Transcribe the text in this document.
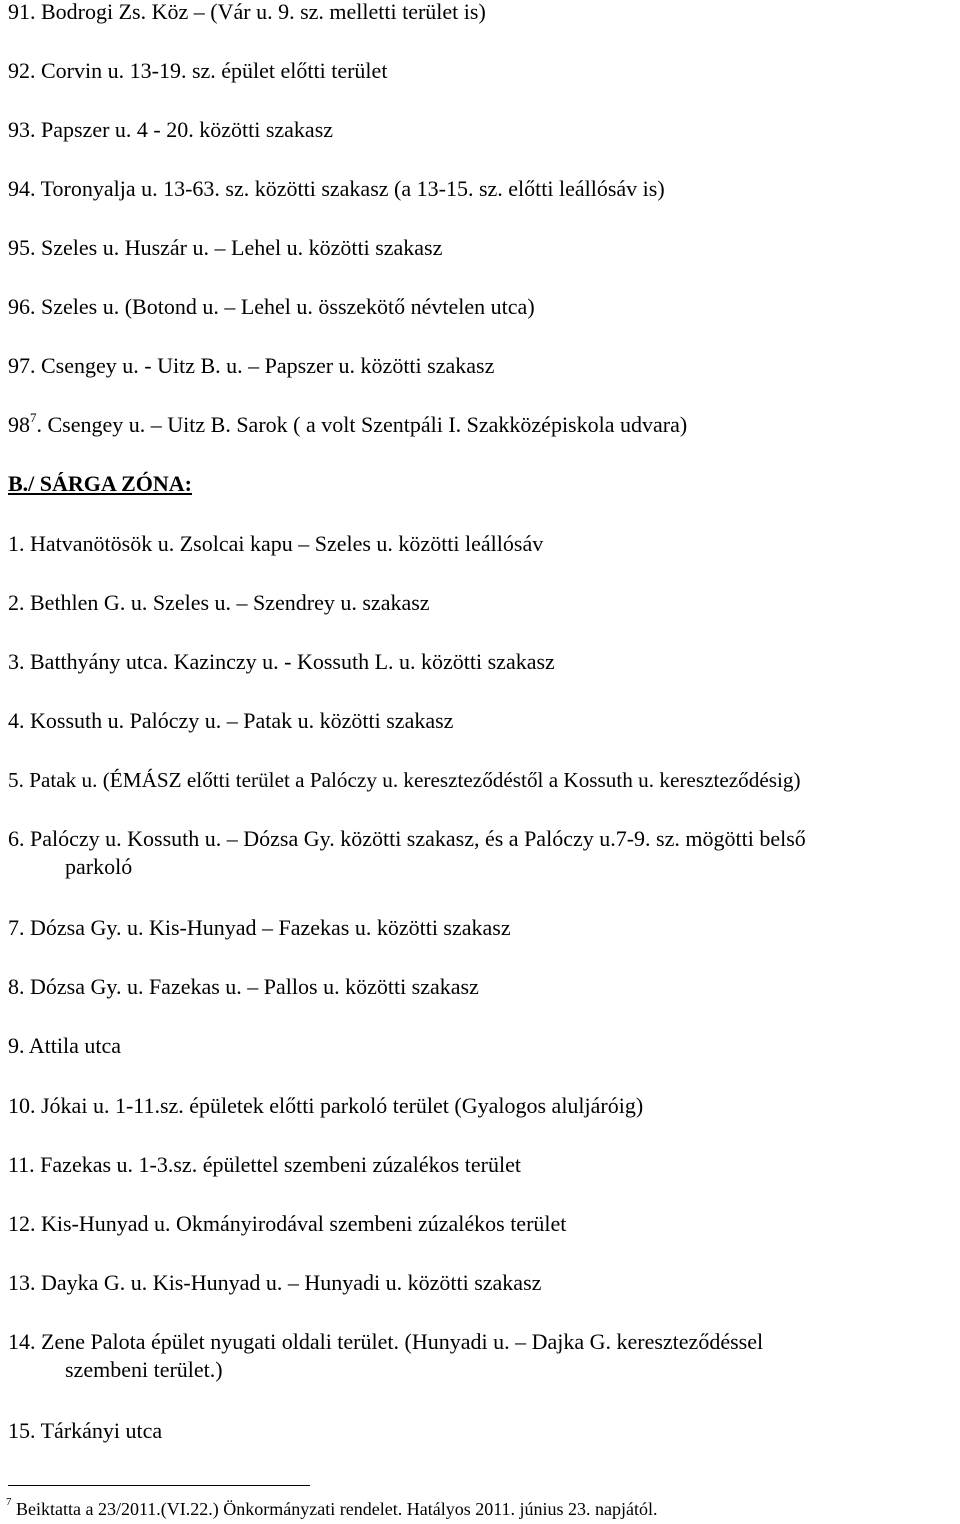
91. Bodrogi Zs. Köz – (Vár u. 9. sz. melletti terület is)
92. Corvin u. 13-19. sz. épület előtti terület
93. Papszer u. 4 - 20. közötti szakasz
94. Toronyalja u. 13-63. sz. közötti szakasz (a 13-15. sz. előtti leállósáv is)
95. Szeles u. Huszár u. – Lehel u. közötti szakasz
96. Szeles u. (Botond u. – Lehel u. összekötő névtelen utca)
97. Csengey u. - Uitz B. u. – Papszer u. közötti szakasz
$98^7$. Csengey u. – Uitz B. Sarok ( a volt Szentpáli I. Szakközépiskola udvara)
B./ SÁRGA ZÓNA:
1. Hatvanötösök u. Zsolcai kapu – Szeles u. közötti leállósáv
2. Bethlen G. u. Szeles u. – Szendrey u. szakasz
3. Batthyány utca. Kazinczy u. - Kossuth L. u. közötti szakasz
4. Kossuth u. Palóczy u. – Patak u. közötti szakasz
5. Patak u. (ÉMÁSZ előtti terület a Palóczy u. kereszteződéstől a Kossuth u. kereszteződésig)
6. Palóczy u. Kossuth u. – Dózsa Gy. közötti szakasz, és a Palóczy u.7-9. sz. mögötti belső
parkoló
7. Dózsa Gy. u. Kis-Hunyad – Fazekas u. közötti szakasz
8. Dózsa Gy. u. Fazekas u. – Pallos u. közötti szakasz
9. Attila utca
10. Jókai u. 1-11.sz. épületek előtti parkoló terület (Gyalogos aluljáróig)
11. Fazekas u. 1-3.sz. épülettel szembeni zúzalékos terület
12. Kis-Hunyad u. Okmányirodával szembeni zúzalékos terület
13. Dayka G. u. Kis-Hunyad u. – Hunyadi u. közötti szakasz
14. Zene Palota épület nyugati oldali terület. (Hunyadi u. – Dajka G. kereszteződéssel
szembeni terület.)
15. Tárkányi utca
$^7$ Beiktatta a 23/2011.(VI.22.) Önkormányzati rendelet. Hatályos 2011. június 23. napjától.
